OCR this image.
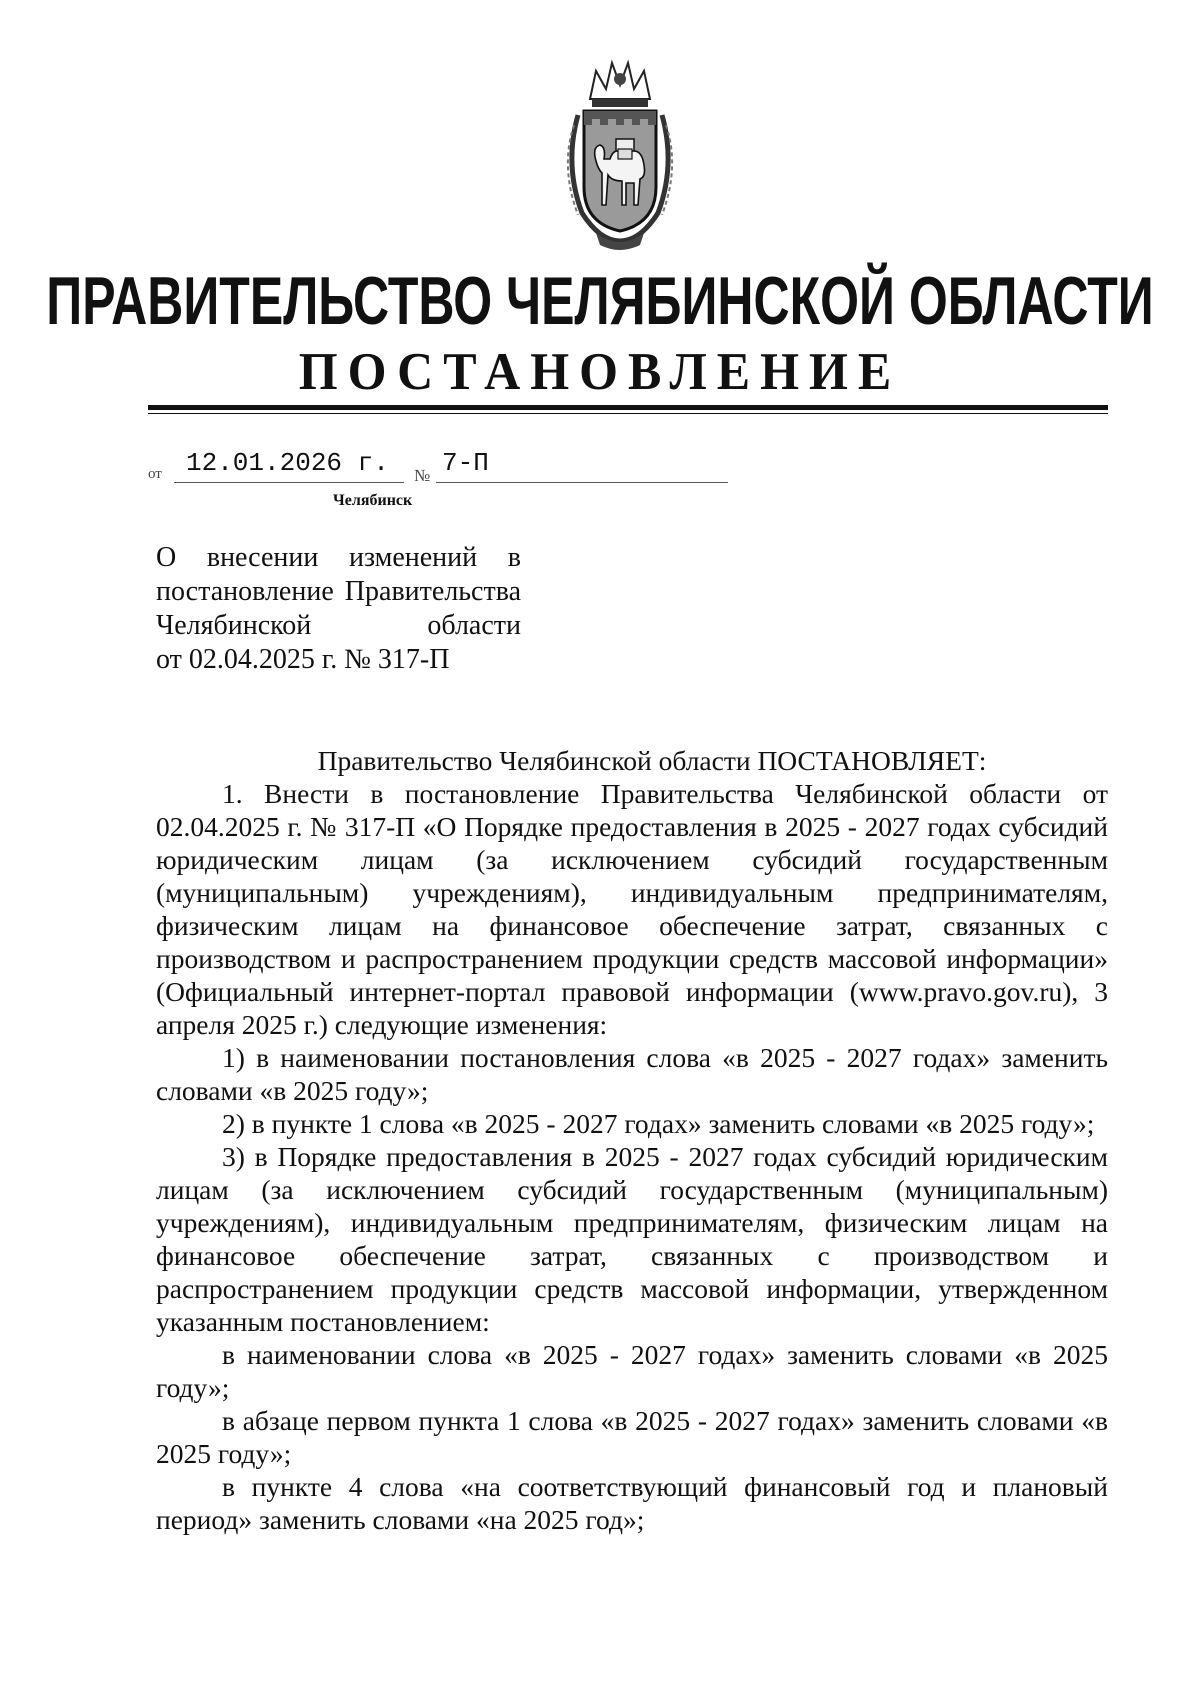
ПРАВИТЕЛЬСТВО ЧЕЛЯБИНСКОЙ ОБЛАСТИ
ПОСТАНОВЛЕНИЕ
от 12.01.2026 г. № 7-П
Челябинск
О внесении изменений в
постановление Правительства
Челябинской области
от 02.04.2025 г. № 317-П

Правительство Челябинской области ПОСТАНОВЛЯЕТ:

1. Внести в постановление Правительства Челябинской области от 02.04.2025 г. № 317-П «О Порядке предоставления в 2025 - 2027 годах субсидий юридическим лицам (за исключением субсидий государственным (муниципальным) учреждениям), индивидуальным предпринимателям, физическим лицам на финансовое обеспечение затрат, связанных с производством и распространением продукции средств массовой информации» (Официальный интернет-портал правовой информации (www.pravo.gov.ru), 3 апреля 2025 г.) следующие изменения:

1) в наименовании постановления слова «в 2025 - 2027 годах» заменить словами «в 2025 году»;

2) в пункте 1 слова «в 2025 - 2027 годах» заменить словами «в 2025 году»;

3) в Порядке предоставления в 2025 - 2027 годах субсидий юридическим лицам (за исключением субсидий государственным (муниципальным) учреждениям), индивидуальным предпринимателям, физическим лицам на финансовое обеспечение затрат, связанных с производством и распространением продукции средств массовой информации, утвержденном указанным постановлением:

в наименовании слова «в 2025 - 2027 годах» заменить словами «в 2025 году»;

в абзаце первом пункта 1 слова «в 2025 - 2027 годах» заменить словами «в 2025 году»;

в пункте 4 слова «на соответствующий финансовый год и плановый период» заменить словами «на 2025 год»;
